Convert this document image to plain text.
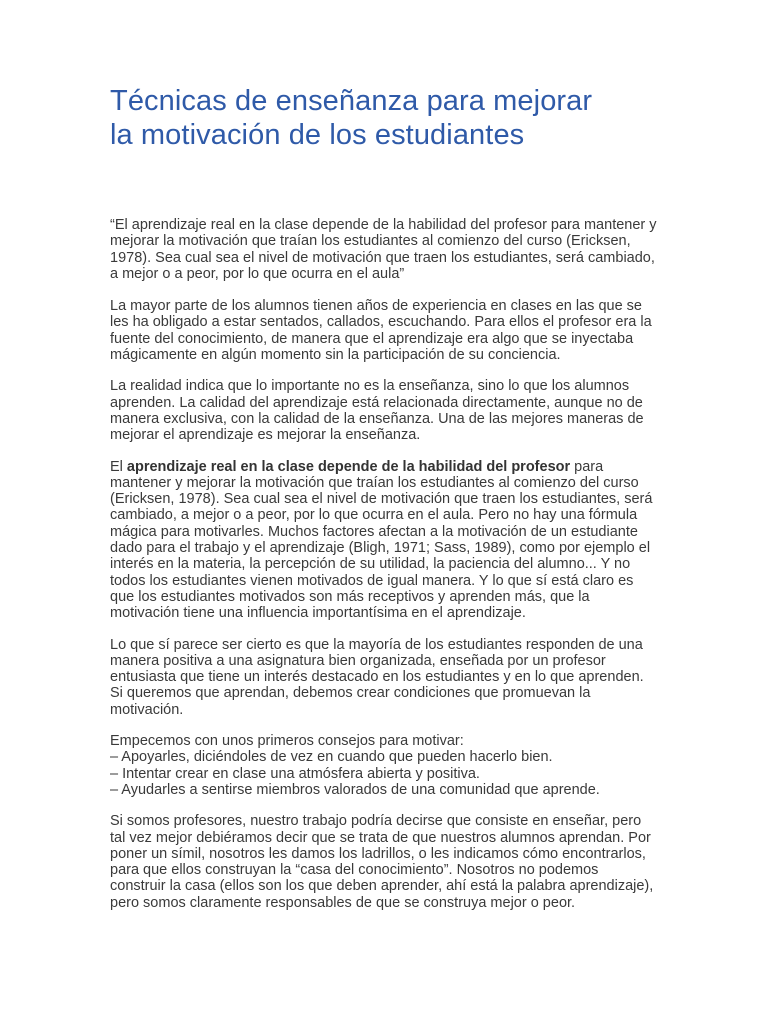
Técnicas de enseñanza para mejorar
la motivación de los estudiantes

“El aprendizaje real en la clase depende de la habilidad del profesor para mantener y mejorar la motivación que traían los estudiantes al comienzo del curso (Ericksen, 1978). Sea cual sea el nivel de motivación que traen los estudiantes, será cambiado, a mejor o a peor, por lo que ocurra en el aula”

La mayor parte de los alumnos tienen años de experiencia en clases en las que se les ha obligado a estar sentados, callados, escuchando. Para ellos el profesor era la fuente del conocimiento, de manera que el aprendizaje era algo que se inyectaba mágicamente en algún momento sin la participación de su conciencia.

La realidad indica que lo importante no es la enseñanza, sino lo que los alumnos aprenden. La calidad del aprendizaje está relacionada directamente, aunque no de manera exclusiva, con la calidad de la enseñanza. Una de las mejores maneras de mejorar el aprendizaje es mejorar la enseñanza.

El aprendizaje real en la clase depende de la habilidad del profesor para mantener y mejorar la motivación que traían los estudiantes al comienzo del curso (Ericksen, 1978). Sea cual sea el nivel de motivación que traen los estudiantes, será cambiado, a mejor o a peor, por lo que ocurra en el aula. Pero no hay una fórmula mágica para motivarles. Muchos factores afectan a la motivación de un estudiante dado para el trabajo y el aprendizaje (Bligh, 1971; Sass, 1989), como por ejemplo el interés en la materia, la percepción de su utilidad, la paciencia del alumno... Y no todos los estudiantes vienen motivados de igual manera. Y lo que sí está claro es que los estudiantes motivados son más receptivos y aprenden más, que la motivación tiene una influencia importantísima en el aprendizaje.

Lo que sí parece ser cierto es que la mayoría de los estudiantes responden de una manera positiva a una asignatura bien organizada, enseñada por un profesor entusiasta que tiene un interés destacado en los estudiantes y en lo que aprenden. Si queremos que aprendan, debemos crear condiciones que promuevan la motivación.

Empecemos con unos primeros consejos para motivar:
– Apoyarles, diciéndoles de vez en cuando que pueden hacerlo bien.
– Intentar crear en clase una atmósfera abierta y positiva.
– Ayudarles a sentirse miembros valorados de una comunidad que aprende.

Si somos profesores, nuestro trabajo podría decirse que consiste en enseñar, pero tal vez mejor debiéramos decir que se trata de que nuestros alumnos aprendan. Por poner un símil, nosotros les damos los ladrillos, o les indicamos cómo encontrarlos, para que ellos construyan la “casa del conocimiento”. Nosotros no podemos construir la casa (ellos son los que deben aprender, ahí está la palabra aprendizaje), pero somos claramente responsables de que se construya mejor o peor.
